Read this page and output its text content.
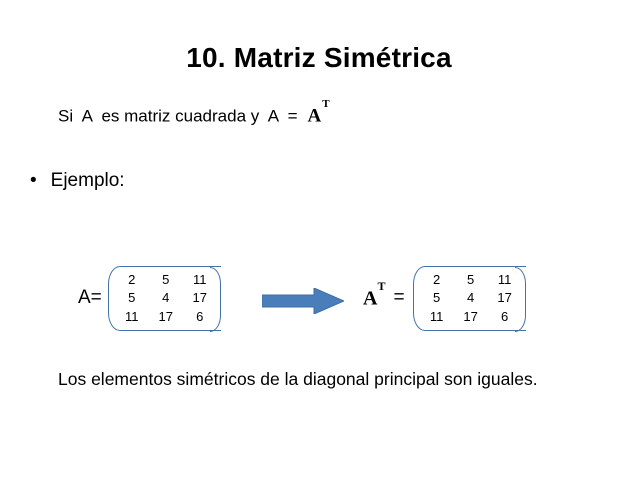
10. Matriz Simétrica
Si  A  es matriz cuadrada y  $A = A^T$
• Ejemplo:
A=
2	5	11
5	4	17
11	17	6
$A^T$
=
2	5	11
5	4	17
11	17	6
Los elementos simétricos de la diagonal principal son iguales.
